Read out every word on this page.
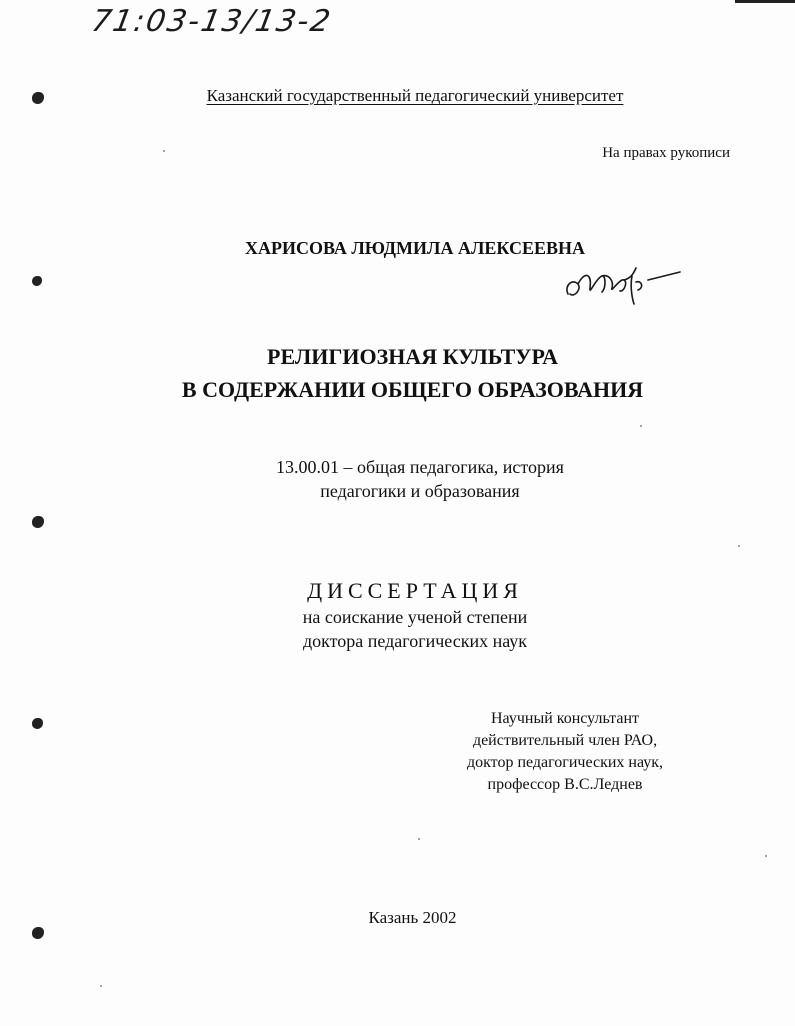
71:03-13/13-2
Казанский государственный педагогический университет
На правах рукописи
ХАРИСОВА ЛЮДМИЛА АЛЕКСЕЕВНА
РЕЛИГИОЗНАЯ КУЛЬТУРА
В СОДЕРЖАНИИ ОБЩЕГО ОБРАЗОВАНИЯ
13.00.01 – общая педагогика, история
педагогики и образования
ДИССЕРТАЦИЯ
на соискание ученой степени
доктора педагогических наук
Научный консультант
действительный член РАО,
доктор педагогических наук,
профессор В.С.Леднев
Казань 2002
